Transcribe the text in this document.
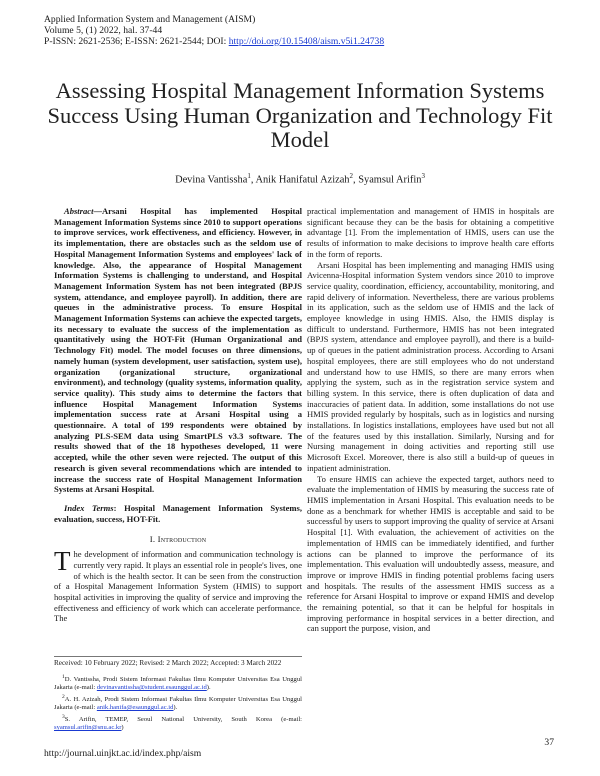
Applied Information System and Management (AISM)
Volume 5, (1) 2022, hal. 37-44
P-ISSN: 2621-2536; E-ISSN: 2621-2544; DOI: http://doi.org/10.15408/aism.v5i1.24738
Assessing Hospital Management Information Systems Success Using Human Organization and Technology Fit Model
Devina Vantissha$^1$, Anik Hanifatul Azizah$^2$, Syamsul Arifin$^3$

Abstract—Arsani Hospital has implemented Hospital Management Information Systems since 2010 to support operations to improve services, work effectiveness, and efficiency. However, in its implementation, there are obstacles such as the seldom use of Hospital Management Information Systems and employees' lack of knowledge. Also, the appearance of Hospital Management Information Systems is challenging to understand, and Hospital Management Information System has not been integrated (BPJS system, attendance, and employee payroll). In addition, there are queues in the administrative process. To ensure Hospital Management Information Systems can achieve the expected targets, its necessary to evaluate the success of the implementation as quantitatively using the HOT-Fit (Human Organizational and Technology Fit) model. The model focuses on three dimensions, namely human (system development, user satisfaction, system use), organization (organizational structure, organizational environment), and technology (quality systems, information quality, service quality). This study aims to determine the factors that influence Hospital Management Information Systems implementation success rate at Arsani Hospital using a questionnaire. A total of 199 respondents were obtained by analyzing PLS-SEM data using SmartPLS v3.3 software. The results showed that of the 18 hypotheses developed, 11 were accepted, while the other seven were rejected. The output of this research is given several recommendations which are intended to increase the success rate of Hospital Management Information Systems at Arsani Hospital.

Index Terms: Hospital Management Information Systems, evaluation, success, HOT-Fit.

I. Introduction

The development of information and communication technology is currently very rapid. It plays an essential role in people's lives, one of which is the health sector. It can be seen from the construction of a Hospital Management Information System (HMIS) to support hospital activities in improving the quality of service and improving the effectiveness and efficiency of work which can accelerate performance. The

practical implementation and management of HMIS in hospitals are significant because they can be the basis for obtaining a competitive advantage [1]. From the implementation of HMIS, users can use the results of information to make decisions to improve health care efforts in the form of reports.

Arsani Hospital has been implementing and managing HMIS using Avicenna-Hospital information System vendors since 2010 to improve service quality, coordination, efficiency, accountability, monitoring, and rapid delivery of information. Nevertheless, there are various problems in its application, such as the seldom use of HMIS and the lack of employee knowledge in using HMIS. Also, the HMIS display is difficult to understand. Furthermore, HMIS has not been integrated (BPJS system, attendance and employee payroll), and there is a build-up of queues in the patient administration process. According to Arsani hospital employees, there are still employees who do not understand and understand how to use HMIS, so there are many errors when applying the system, such as in the registration service system and billing system. In this service, there is often duplication of data and inaccuracies of patient data. In addition, some installations do not use HMIS provided regularly by hospitals, such as in logistics and nursing installations. In logistics installations, employees have used but not all of the features used by this installation. Similarly, Nursing and for Nursing management in doing activities and reporting still use Microsoft Excel. Moreover, there is also still a build-up of queues in inpatient administration.

To ensure HMIS can achieve the expected target, authors need to evaluate the implementation of HMIS by measuring the success rate of HMIS implementation in Arsani Hospital. This evaluation needs to be done as a benchmark for whether HMIS is acceptable and said to be successful by users to support improving the quality of service at Arsani Hospital [1]. With evaluation, the achievement of activities on the implementation of HMIS can be immediately identified, and further actions can be planned to improve the performance of its implementation. This evaluation will undoubtedly assess, measure, and improve or improve HMIS in finding potential problems facing users and hospitals. The results of the assessment HMIS success as a reference for Arsani Hospital to improve or expand HMIS and develop the remaining potential, so that it can be helpful for hospitals in improving performance in hospital services in a better direction, and can support the purpose, vision, and

Received: 10 February 2022; Revised: 2 March 2022; Accepted: 3 March 2022

$^1$D. Vantissha, Prodi Sistem Informasi Fakultas Ilmu Komputer Universitas Esa Unggul Jakarta (e-mail: devinavantissha@student.esaunggul.ac.id).

$^2$A. H. Azizah, Prodi Sistem Informasi Fakultas Ilmu Komputer Universitas Esa Unggul Jakarta (e-mail: anik.hanifa@esaunggul.ac.id).

$^3$S. Arifin, TEMEP, Seoul National University, South Korea (e-mail: syamsul.arifin@snu.ac.kr)

37
http://journal.uinjkt.ac.id/index.php/aism
